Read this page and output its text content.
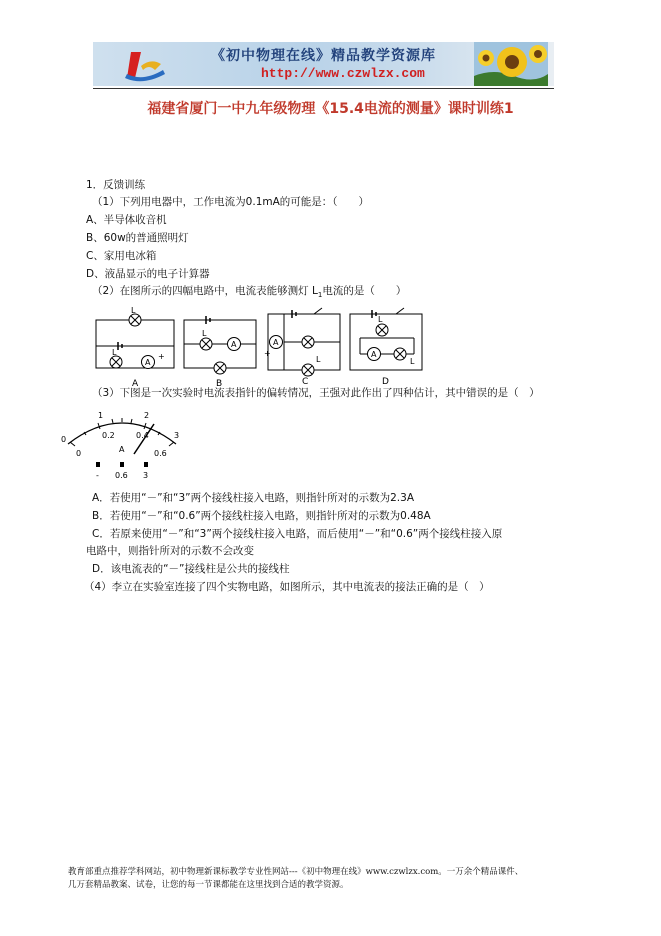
《初中物理在线》精品教学资源库
http://www.czwlzx.com
福建省厦门一中九年级物理《15.4电流的测量》课时训练1
1．反馈训练
（1）下列用电器中，工作电流为0.1mA的可能是：（　　）
A、半导体收音机
B、60w的普通照明灯
C、家用电冰箱
D、液晶显示的电子计算器
（2）在图所示的四幅电路中，电流表能够测灯 $L_1$电流的是（　　）
L
L
A
+
L
A	A
+
L
A
L
L
A	B	C	D
（3）下图是一次实验时电流表指针的偏转情况，王强对此作出了四种估计，其中错误的是（　）
0
1	2
3
0
0.2	0.4
0.6
A
- 0.6 3
A．若使用“－”和“3”两个接线柱接入电路，则指针所对的示数为2.3A
B．若使用“－”和“0.6”两个接线柱接入电路，则指针所对的示数为0.48A
C．若原来使用“－”和“3”两个接线柱接入电路，而后使用“－”和“0.6”两个接线柱接入原
电路中，则指针所对的示数不会改变
D．该电流表的“－”接线柱是公共的接线柱
（4）李立在实验室连接了四个实物电路，如图所示，其中电流表的接法正确的是（　）
教育部重点推荐学科网站，初中物理新课标教学专业性网站---《初中物理在线》www.czwlzx.com。一万余个精品课件、
几万套精品教案、试卷，让您的每一节课都能在这里找到合适的教学资源。
